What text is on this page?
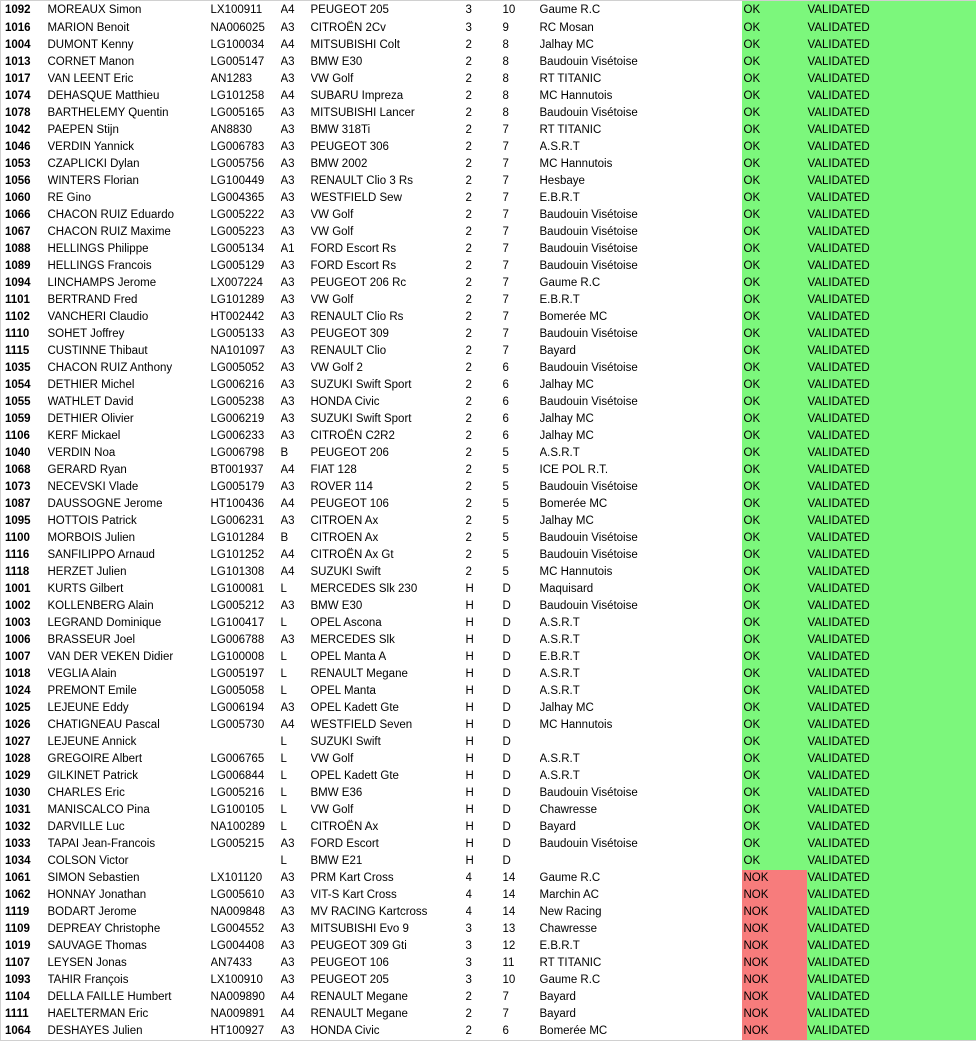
1092	MOREAUX Simon	LX100911	A4	PEUGEOT 205	3	10	Gaume R.C	OK	VALIDATED
1016	MARION Benoit	NA006025	A3	CITROËN 2Cv	3	9	RC Mosan	OK	VALIDATED
1004	DUMONT Kenny	LG100034	A4	MITSUBISHI Colt	2	8	Jalhay MC	OK	VALIDATED
1013	CORNET Manon	LG005147	A3	BMW E30	2	8	Baudouin Visétoise	OK	VALIDATED
1017	VAN LEENT Eric	AN1283	A3	VW Golf	2	8	RT TITANIC	OK	VALIDATED
1074	DEHASQUE Matthieu	LG101258	A4	SUBARU Impreza	2	8	MC Hannutois	OK	VALIDATED
1078	BARTHELEMY Quentin	LG005165	A3	MITSUBISHI Lancer	2	8	Baudouin Visétoise	OK	VALIDATED
1042	PAEPEN Stijn	AN8830	A3	BMW 318Ti	2	7	RT TITANIC	OK	VALIDATED
1046	VERDIN Yannick	LG006783	A3	PEUGEOT 306	2	7	A.S.R.T	OK	VALIDATED
1053	CZAPLICKI Dylan	LG005756	A3	BMW 2002	2	7	MC Hannutois	OK	VALIDATED
1056	WINTERS Florian	LG100449	A3	RENAULT Clio 3 Rs	2	7	Hesbaye	OK	VALIDATED
1060	RE Gino	LG004365	A3	WESTFIELD Sew	2	7	E.B.R.T	OK	VALIDATED
1066	CHACON RUIZ Eduardo	LG005222	A3	VW Golf	2	7	Baudouin Visétoise	OK	VALIDATED
1067	CHACON RUIZ Maxime	LG005223	A3	VW Golf	2	7	Baudouin Visétoise	OK	VALIDATED
1088	HELLINGS Philippe	LG005134	A1	FORD Escort Rs	2	7	Baudouin Visétoise	OK	VALIDATED
1089	HELLINGS Francois	LG005129	A3	FORD Escort Rs	2	7	Baudouin Visétoise	OK	VALIDATED
1094	LINCHAMPS Jerome	LX007224	A3	PEUGEOT 206 Rc	2	7	Gaume R.C	OK	VALIDATED
1101	BERTRAND Fred	LG101289	A3	VW Golf	2	7	E.B.R.T	OK	VALIDATED
1102	VANCHERI Claudio	HT002442	A3	RENAULT Clio Rs	2	7	Bomerée MC	OK	VALIDATED
1110	SOHET Joffrey	LG005133	A3	PEUGEOT 309	2	7	Baudouin Visétoise	OK	VALIDATED
1115	CUSTINNE Thibaut	NA101097	A3	RENAULT Clio	2	7	Bayard	OK	VALIDATED
1035	CHACON RUIZ Anthony	LG005052	A3	VW Golf 2	2	6	Baudouin Visétoise	OK	VALIDATED
1054	DETHIER Michel	LG006216	A3	SUZUKI Swift Sport	2	6	Jalhay MC	OK	VALIDATED
1055	WATHLET David	LG005238	A3	HONDA Civic	2	6	Baudouin Visétoise	OK	VALIDATED
1059	DETHIER Olivier	LG006219	A3	SUZUKI Swift Sport	2	6	Jalhay MC	OK	VALIDATED
1106	KERF Mickael	LG006233	A3	CITROËN C2R2	2	6	Jalhay MC	OK	VALIDATED
1040	VERDIN Noa	LG006798	B	PEUGEOT 206	2	5	A.S.R.T	OK	VALIDATED
1068	GERARD Ryan	BT001937	A4	FIAT 128	2	5	ICE POL R.T.	OK	VALIDATED
1073	NECEVSKI Vlade	LG005179	A3	ROVER 114	2	5	Baudouin Visétoise	OK	VALIDATED
1087	DAUSSOGNE Jerome	HT100436	A4	PEUGEOT 106	2	5	Bomerée MC	OK	VALIDATED
1095	HOTTOIS Patrick	LG006231	A3	CITROEN Ax	2	5	Jalhay MC	OK	VALIDATED
1100	MORBOIS Julien	LG101284	B	CITROEN Ax	2	5	Baudouin Visétoise	OK	VALIDATED
1116	SANFILIPPO Arnaud	LG101252	A4	CITROËN Ax Gt	2	5	Baudouin Visétoise	OK	VALIDATED
1118	HERZET Julien	LG101308	A4	SUZUKI Swift	2	5	MC Hannutois	OK	VALIDATED
1001	KURTS Gilbert	LG100081	L	MERCEDES Slk 230	H	D	Maquisard	OK	VALIDATED
1002	KOLLENBERG Alain	LG005212	A3	BMW E30	H	D	Baudouin Visétoise	OK	VALIDATED
1003	LEGRAND Dominique	LG100417	L	OPEL Ascona	H	D	A.S.R.T	OK	VALIDATED
1006	BRASSEUR Joel	LG006788	A3	MERCEDES Slk	H	D	A.S.R.T	OK	VALIDATED
1007	VAN DER VEKEN Didier	LG100008	L	OPEL Manta A	H	D	E.B.R.T	OK	VALIDATED
1018	VEGLIA Alain	LG005197	L	RENAULT Megane	H	D	A.S.R.T	OK	VALIDATED
1024	PREMONT Emile	LG005058	L	OPEL Manta	H	D	A.S.R.T	OK	VALIDATED
1025	LEJEUNE Eddy	LG006194	A3	OPEL Kadett Gte	H	D	Jalhay MC	OK	VALIDATED
1026	CHATIGNEAU Pascal	LG005730	A4	WESTFIELD Seven	H	D	MC Hannutois	OK	VALIDATED
1027	LEJEUNE Annick		L	SUZUKI Swift	H	D		OK	VALIDATED
1028	GREGOIRE Albert	LG006765	L	VW Golf	H	D	A.S.R.T	OK	VALIDATED
1029	GILKINET Patrick	LG006844	L	OPEL Kadett Gte	H	D	A.S.R.T	OK	VALIDATED
1030	CHARLES Eric	LG005216	L	BMW E36	H	D	Baudouin Visétoise	OK	VALIDATED
1031	MANISCALCO Pina	LG100105	L	VW Golf	H	D	Chawresse	OK	VALIDATED
1032	DARVILLE Luc	NA100289	L	CITROËN Ax	H	D	Bayard	OK	VALIDATED
1033	TAPAI Jean-Francois	LG005215	A3	FORD Escort	H	D	Baudouin Visétoise	OK	VALIDATED
1034	COLSON Victor		L	BMW E21	H	D		OK	VALIDATED
1061	SIMON Sebastien	LX101120	A3	PRM Kart Cross	4	14	Gaume R.C	NOK	VALIDATED
1062	HONNAY Jonathan	LG005610	A3	VIT-S Kart Cross	4	14	Marchin AC	NOK	VALIDATED
1119	BODART Jerome	NA009848	A3	MV RACING Kartcross	4	14	New Racing	NOK	VALIDATED
1109	DEPREAY Christophe	LG004552	A3	MITSUBISHI Evo 9	3	13	Chawresse	NOK	VALIDATED
1019	SAUVAGE Thomas	LG004408	A3	PEUGEOT 309 Gti	3	12	E.B.R.T	NOK	VALIDATED
1107	LEYSEN Jonas	AN7433	A3	PEUGEOT 106	3	11	RT TITANIC	NOK	VALIDATED
1093	TAHIR François	LX100910	A3	PEUGEOT 205	3	10	Gaume R.C	NOK	VALIDATED
1104	DELLA FAILLE Humbert	NA009890	A4	RENAULT Megane	2	7	Bayard	NOK	VALIDATED
1111	HAELTERMAN Eric	NA009891	A4	RENAULT Megane	2	7	Bayard	NOK	VALIDATED
1064	DESHAYES Julien	HT100927	A3	HONDA Civic	2	6	Bomerée MC	NOK	VALIDATED
